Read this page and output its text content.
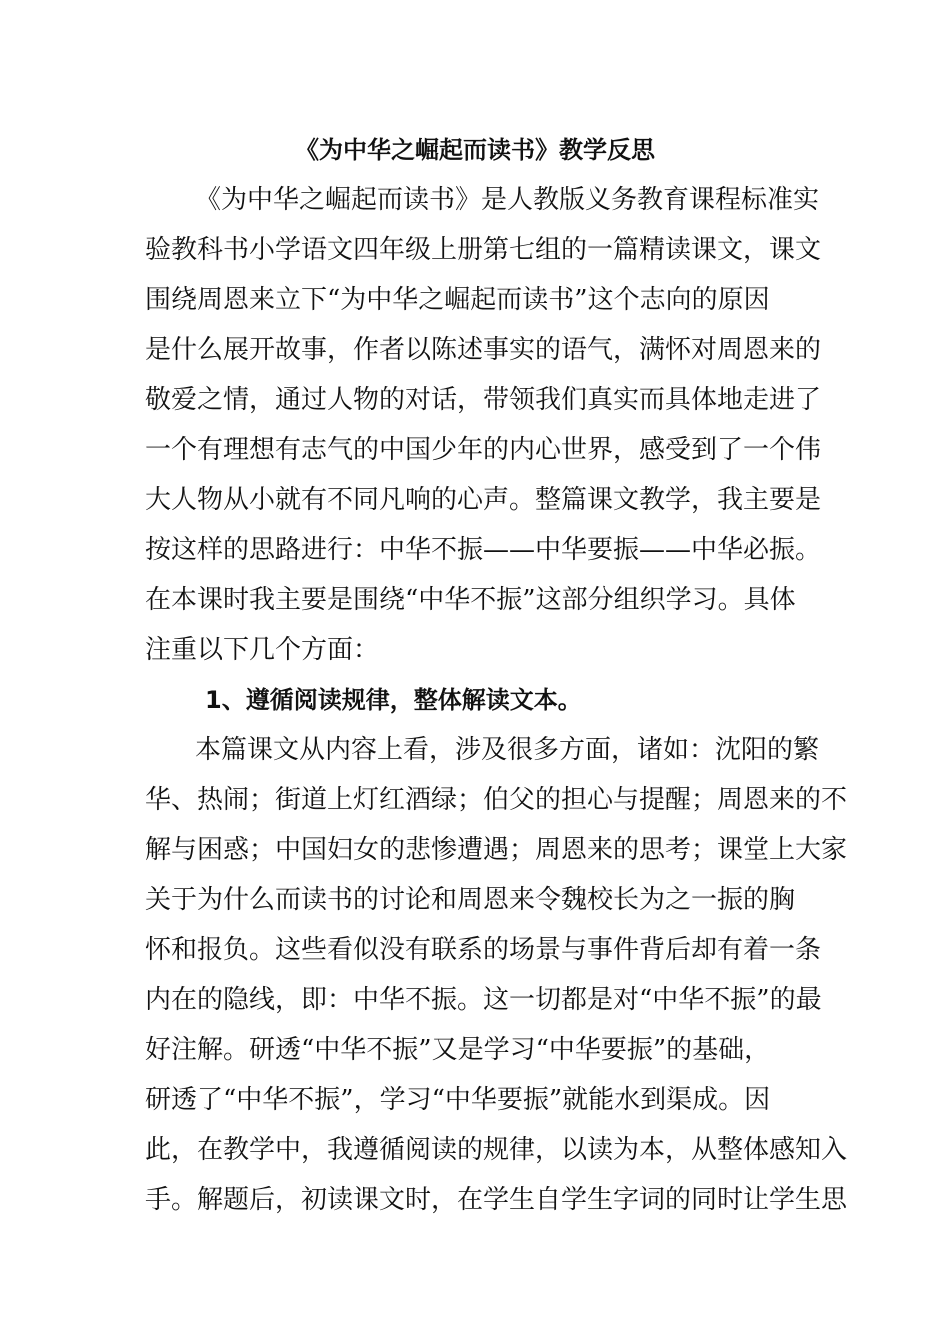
《为中华之崛起而读书》教学反思
《为中华之崛起而读书》是人教版义务教育课程标准实
验教科书小学语文四年级上册第七组的一篇精读课文，课文
围绕周恩来立下“为中华之崛起而读书”这个志向的原因
是什么展开故事，作者以陈述事实的语气，满怀对周恩来的
敬爱之情，通过人物的对话，带领我们真实而具体地走进了
一个有理想有志气的中国少年的内心世界，感受到了一个伟
大人物从小就有不同凡响的心声。整篇课文教学，我主要是
按这样的思路进行：中华不振——中华要振——中华必振。
在本课时我主要是围绕“中华不振”这部分组织学习。具体
注重以下几个方面：
1、遵循阅读规律，整体解读文本。
本篇课文从内容上看，涉及很多方面，诸如：沈阳的繁
华、热闹；街道上灯红酒绿；伯父的担心与提醒；周恩来的不
解与困惑；中国妇女的悲惨遭遇；周恩来的思考；课堂上大家
关于为什么而读书的讨论和周恩来令魏校长为之一振的胸
怀和报负。这些看似没有联系的场景与事件背后却有着一条
内在的隐线，即：中华不振。这一切都是对“中华不振”的最
好注解。研透“中华不振”又是学习“中华要振”的基础，
研透了“中华不振”，学习“中华要振”就能水到渠成。因
此，在教学中，我遵循阅读的规律，以读为本，从整体感知入
手。解题后，初读课文时，在学生自学生字词的同时让学生思
